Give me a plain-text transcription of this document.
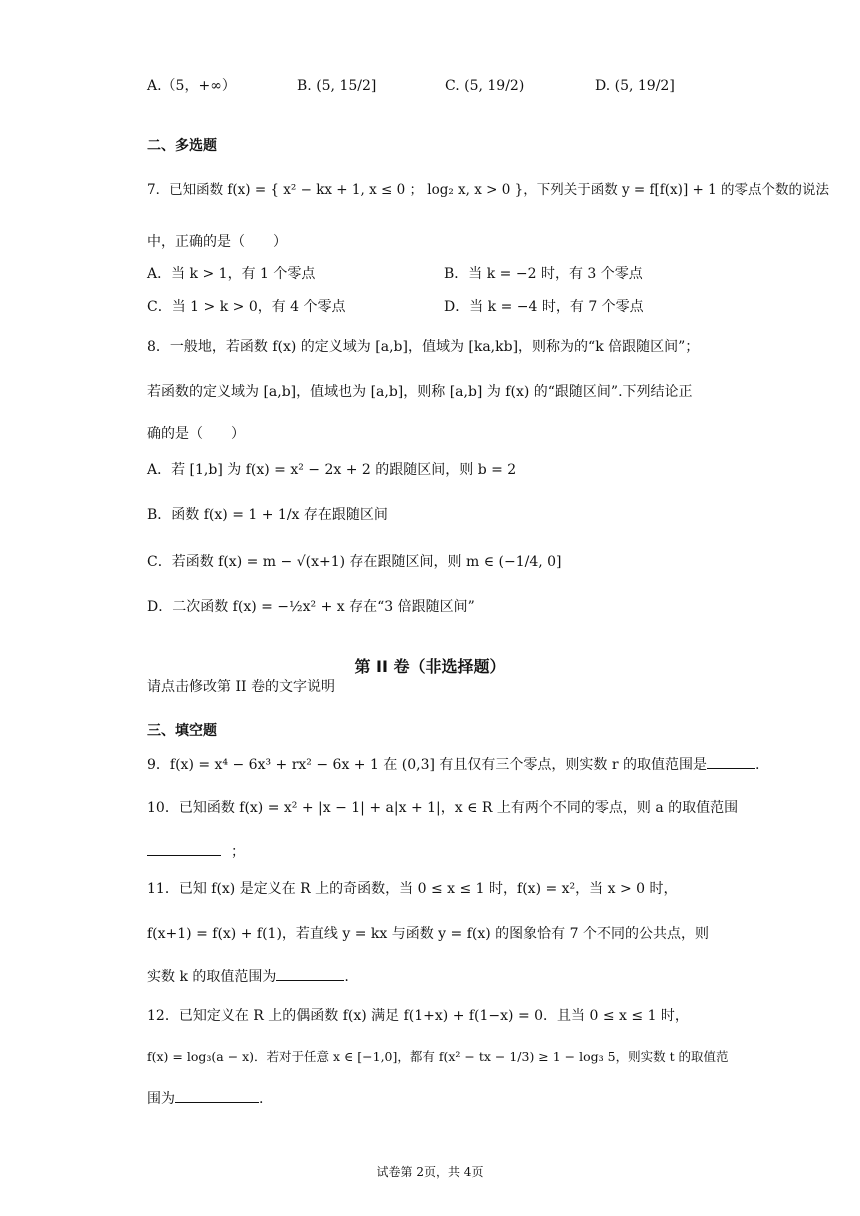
A.（5，+∞）	B. (5, 15/2]	C. (5, 19/2)	D. (5, 19/2]
二、多选题
7．已知函数 f(x) = { x² − kx + 1, x ≤ 0 ； log₂ x, x > 0 }，下列关于函数 y = f[f(x)] + 1 的零点个数的说法
中，正确的是（　　）
A．当 k > 1，有 1 个零点	B．当 k = −2 时，有 3 个零点
C．当 1 > k > 0，有 4 个零点	D．当 k = −4 时，有 7 个零点
8．一般地，若函数 f(x) 的定义域为 [a,b]，值域为 [ka,kb]，则称为的“k 倍跟随区间”；
若函数的定义域为 [a,b]，值域也为 [a,b]，则称 [a,b] 为 f(x) 的“跟随区间”.下列结论正
确的是（　　）
A．若 [1,b] 为 f(x) = x² − 2x + 2 的跟随区间，则 b = 2
B．函数 f(x) = 1 + 1/x 存在跟随区间
C．若函数 f(x) = m − √(x+1) 存在跟随区间，则 m ∈ (−1/4, 0]
D．二次函数 f(x) = −½x² + x 存在“3 倍跟随区间”
第 II 卷（非选择题）
请点击修改第 II 卷的文字说明
三、填空题
9．f(x) = x⁴ − 6x³ + rx² − 6x + 1 在 (0,3] 有且仅有三个零点，则实数 r 的取值范围是	.
10．已知函数 f(x) = x² + |x − 1| + a|x + 1|，x ∈ R 上有两个不同的零点，则 a 的取值范围
；
11．已知 f(x) 是定义在 R 上的奇函数，当 0 ≤ x ≤ 1 时，f(x) = x²，当 x > 0 时，
f(x+1) = f(x) + f(1)，若直线 y = kx 与函数 y = f(x) 的图象恰有 7 个不同的公共点，则
实数 k 的取值范围为	.
12．已知定义在 R 上的偶函数 f(x) 满足 f(1+x) + f(1−x) = 0．且当 0 ≤ x ≤ 1 时，
f(x) = log₃(a − x)．若对于任意 x ∈ [−1,0]，都有 f(x² − tx − 1/3) ≥ 1 − log₃ 5，则实数 t 的取值范
围为	.
试卷第 2页，共 4页
